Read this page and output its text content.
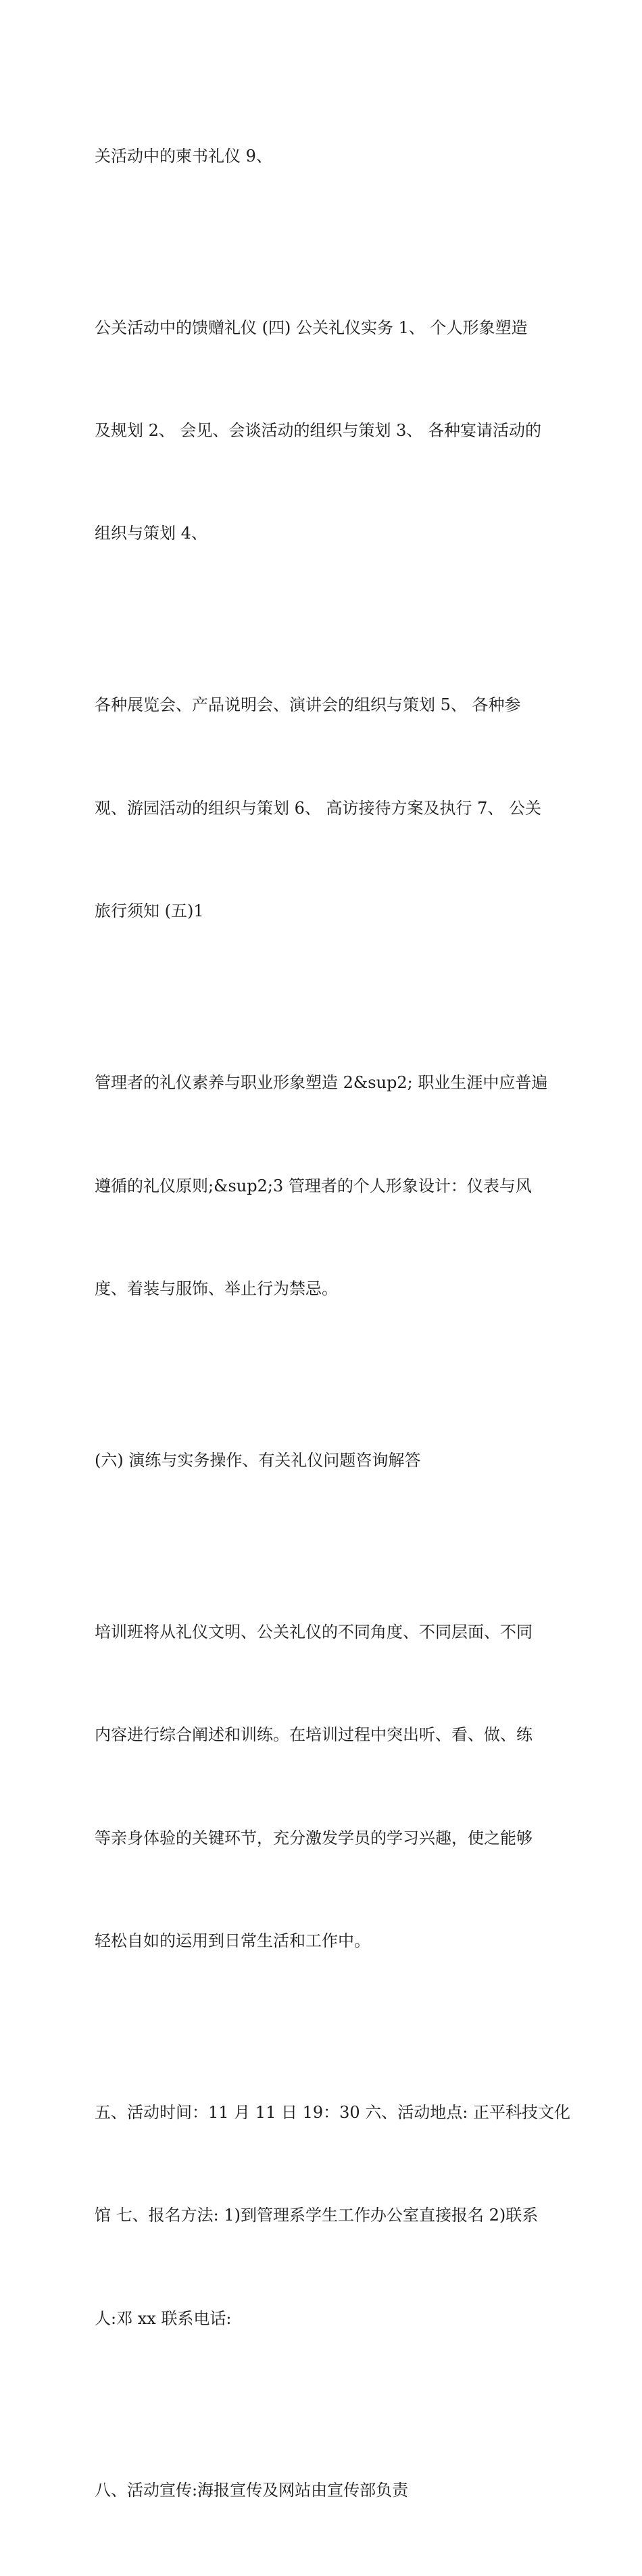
关活动中的柬书礼仪 9、

公关活动中的馈赠礼仪 (四) 公关礼仪实务 1、 个人形象塑造

及规划 2、 会见、会谈活动的组织与策划 3、 各种宴请活动的

组织与策划 4、

各种展览会、产品说明会、演讲会的组织与策划 5、 各种参

观、游园活动的组织与策划 6、 高访接待方案及执行 7、 公关

旅行须知 (五)1

管理者的礼仪素养与职业形象塑造 2&sup2; 职业生涯中应普遍

遵循的礼仪原则;&sup2;3 管理者的个人形象设计：仪表与风

度、着装与服饰、举止行为禁忌。

(六) 演练与实务操作、有关礼仪问题咨询解答

培训班将从礼仪文明、公关礼仪的不同角度、不同层面、不同

内容进行综合阐述和训练。在培训过程中突出听、看、做、练

等亲身体验的关键环节，充分激发学员的学习兴趣，使之能够

轻松自如的运用到日常生活和工作中。

五、活动时间：11 月 11 日 19：30 六、活动地点: 正平科技文化

馆 七、报名方法: 1)到管理系学生工作办公室直接报名 2)联系

人:邓 xx 联系电话:

八、活动宣传:海报宣传及网站由宣传部负责
